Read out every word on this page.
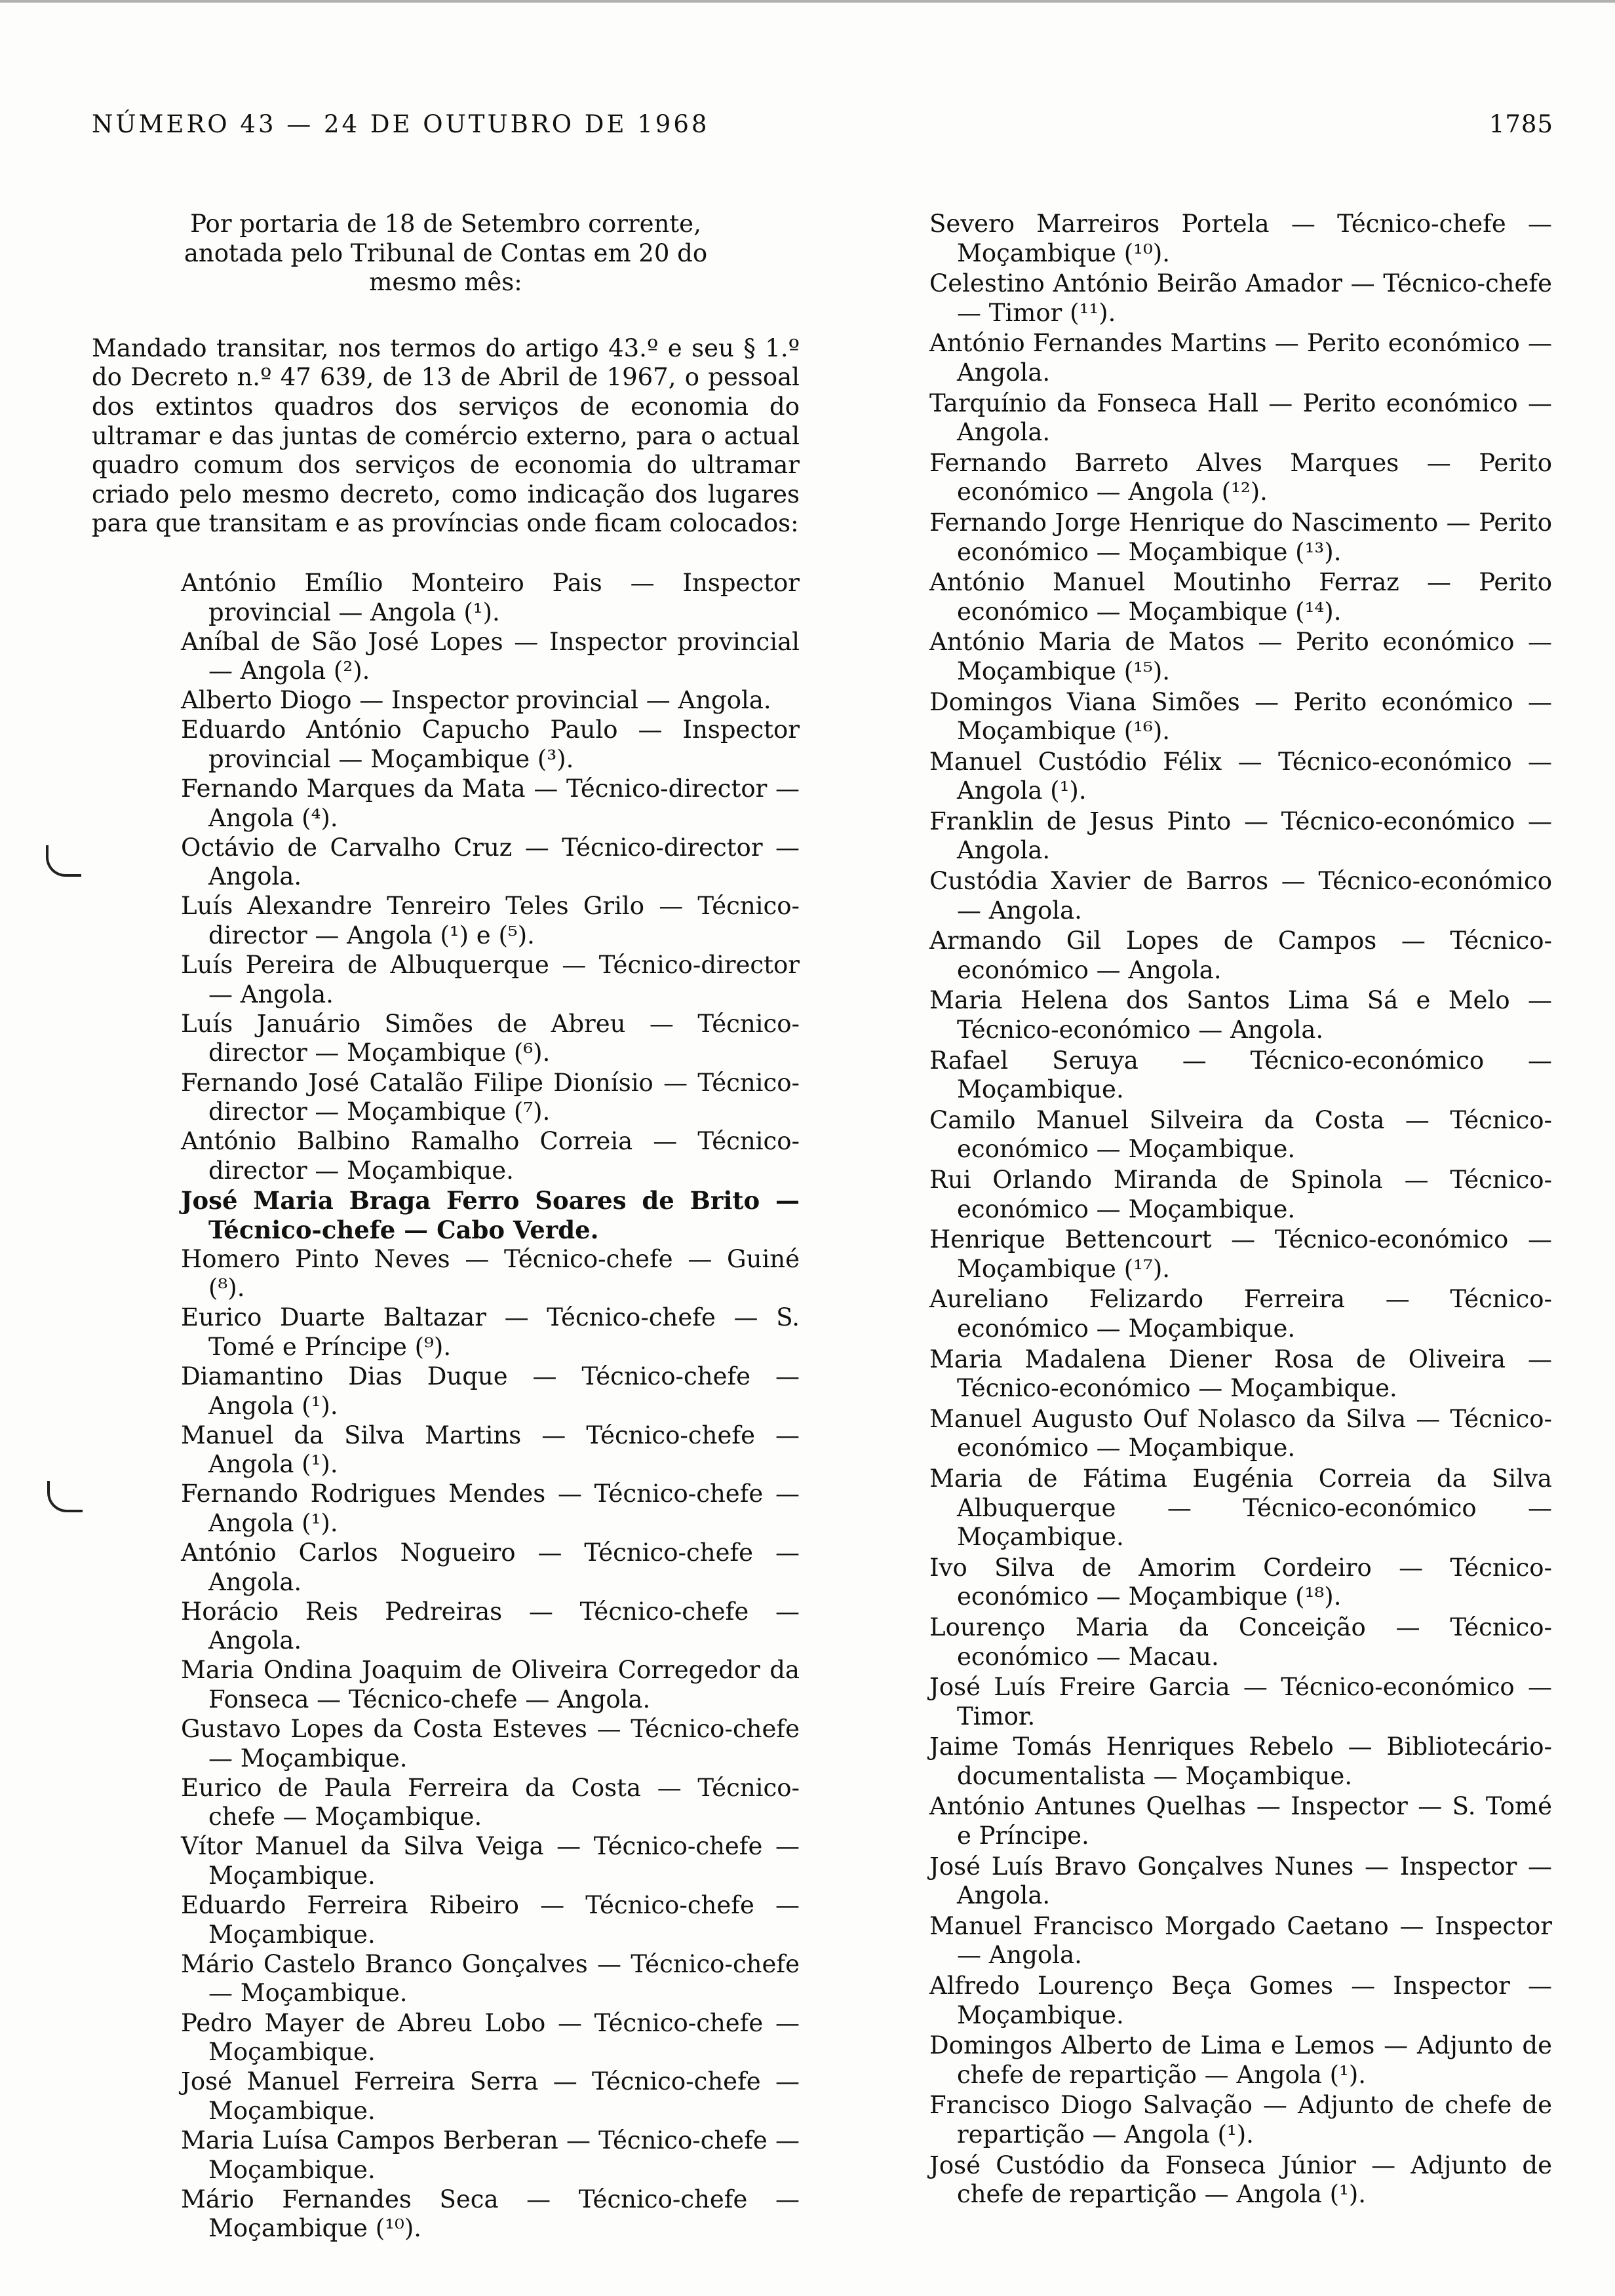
NÚMERO 43 — 24 DE OUTUBRO DE 1968	1785

Por portaria de 18 de Setembro corrente, anotada pelo Tribunal de Contas em 20 do mesmo mês:

Mandado transitar, nos termos do artigo 43.º e seu § 1.º do Decreto n.º 47 639, de 13 de Abril de 1967, o pessoal dos extintos quadros dos serviços de economia do ultramar e das juntas de comércio externo, para o actual quadro comum dos serviços de economia do ultramar criado pelo mesmo decreto, como indicação dos lugares para que transitam e as províncias onde ficam colocados:

António Emílio Monteiro Pais — Inspector provincial — Angola (¹).
Aníbal de São José Lopes — Inspector provincial — Angola (²).
Alberto Diogo — Inspector provincial — Angola.
Eduardo António Capucho Paulo — Inspector provincial — Moçambique (³).
Fernando Marques da Mata — Técnico-director — Angola (⁴).
Octávio de Carvalho Cruz — Técnico-director — Angola.
Luís Alexandre Tenreiro Teles Grilo — Técnico-director — Angola (¹) e (⁵).
Luís Pereira de Albuquerque — Técnico-director — Angola.
Luís Januário Simões de Abreu — Técnico-director — Moçambique (⁶).
Fernando José Catalão Filipe Dionísio — Técnico-director — Moçambique (⁷).
António Balbino Ramalho Correia — Técnico-director — Moçambique.
José Maria Braga Ferro Soares de Brito — Técnico-chefe — Cabo Verde.
Homero Pinto Neves — Técnico-chefe — Guiné (⁸).
Eurico Duarte Baltazar — Técnico-chefe — S. Tomé e Príncipe (⁹).
Diamantino Dias Duque — Técnico-chefe — Angola (¹).
Manuel da Silva Martins — Técnico-chefe — Angola (¹).
Fernando Rodrigues Mendes — Técnico-chefe — Angola (¹).
António Carlos Nogueiro — Técnico-chefe — Angola.
Horácio Reis Pedreiras — Técnico-chefe — Angola.
Maria Ondina Joaquim de Oliveira Corregedor da Fonseca — Técnico-chefe — Angola.
Gustavo Lopes da Costa Esteves — Técnico-chefe — Moçambique.
Eurico de Paula Ferreira da Costa — Técnico-chefe — Moçambique.
Vítor Manuel da Silva Veiga — Técnico-chefe — Moçambique.
Eduardo Ferreira Ribeiro — Técnico-chefe — Moçambique.
Mário Castelo Branco Gonçalves — Técnico-chefe — Moçambique.
Pedro Mayer de Abreu Lobo — Técnico-chefe — Moçambique.
José Manuel Ferreira Serra — Técnico-chefe — Moçambique.
Maria Luísa Campos Berberan — Técnico-chefe — Moçambique.
Mário Fernandes Seca — Técnico-chefe — Moçambique (¹⁰).
Severo Marreiros Portela — Técnico-chefe — Moçambique (¹⁰).
Celestino António Beirão Amador — Técnico-chefe — Timor (¹¹).
António Fernandes Martins — Perito económico — Angola.
Tarquínio da Fonseca Hall — Perito económico — Angola.
Fernando Barreto Alves Marques — Perito económico — Angola (¹²).
Fernando Jorge Henrique do Nascimento — Perito económico — Moçambique (¹³).
António Manuel Moutinho Ferraz — Perito económico — Moçambique (¹⁴).
António Maria de Matos — Perito económico — Moçambique (¹⁵).
Domingos Viana Simões — Perito económico — Moçambique (¹⁶).
Manuel Custódio Félix — Técnico-económico — Angola (¹).
Franklin de Jesus Pinto — Técnico-económico — Angola.
Custódia Xavier de Barros — Técnico-económico — Angola.
Armando Gil Lopes de Campos — Técnico-económico — Angola.
Maria Helena dos Santos Lima Sá e Melo — Técnico-económico — Angola.
Rafael Seruya — Técnico-económico — Moçambique.
Camilo Manuel Silveira da Costa — Técnico-económico — Moçambique.
Rui Orlando Miranda de Spinola — Técnico-económico — Moçambique.
Henrique Bettencourt — Técnico-económico — Moçambique (¹⁷).
Aureliano Felizardo Ferreira — Técnico-económico — Moçambique.
Maria Madalena Diener Rosa de Oliveira — Técnico-económico — Moçambique.
Manuel Augusto Ouf Nolasco da Silva — Técnico-económico — Moçambique.
Maria de Fátima Eugénia Correia da Silva Albuquerque — Técnico-económico — Moçambique.
Ivo Silva de Amorim Cordeiro — Técnico-económico — Moçambique (¹⁸).
Lourenço Maria da Conceição — Técnico-económico — Macau.
José Luís Freire Garcia — Técnico-económico — Timor.
Jaime Tomás Henriques Rebelo — Bibliotecário-documentalista — Moçambique.
António Antunes Quelhas — Inspector — S. Tomé e Príncipe.
José Luís Bravo Gonçalves Nunes — Inspector — Angola.
Manuel Francisco Morgado Caetano — Inspector — Angola.
Alfredo Lourenço Beça Gomes — Inspector — Moçambique.
Domingos Alberto de Lima e Lemos — Adjunto de chefe de repartição — Angola (¹).
Francisco Diogo Salvação — Adjunto de chefe de repartição — Angola (¹).
José Custódio da Fonseca Júnior — Adjunto de chefe de repartição — Angola (¹).
